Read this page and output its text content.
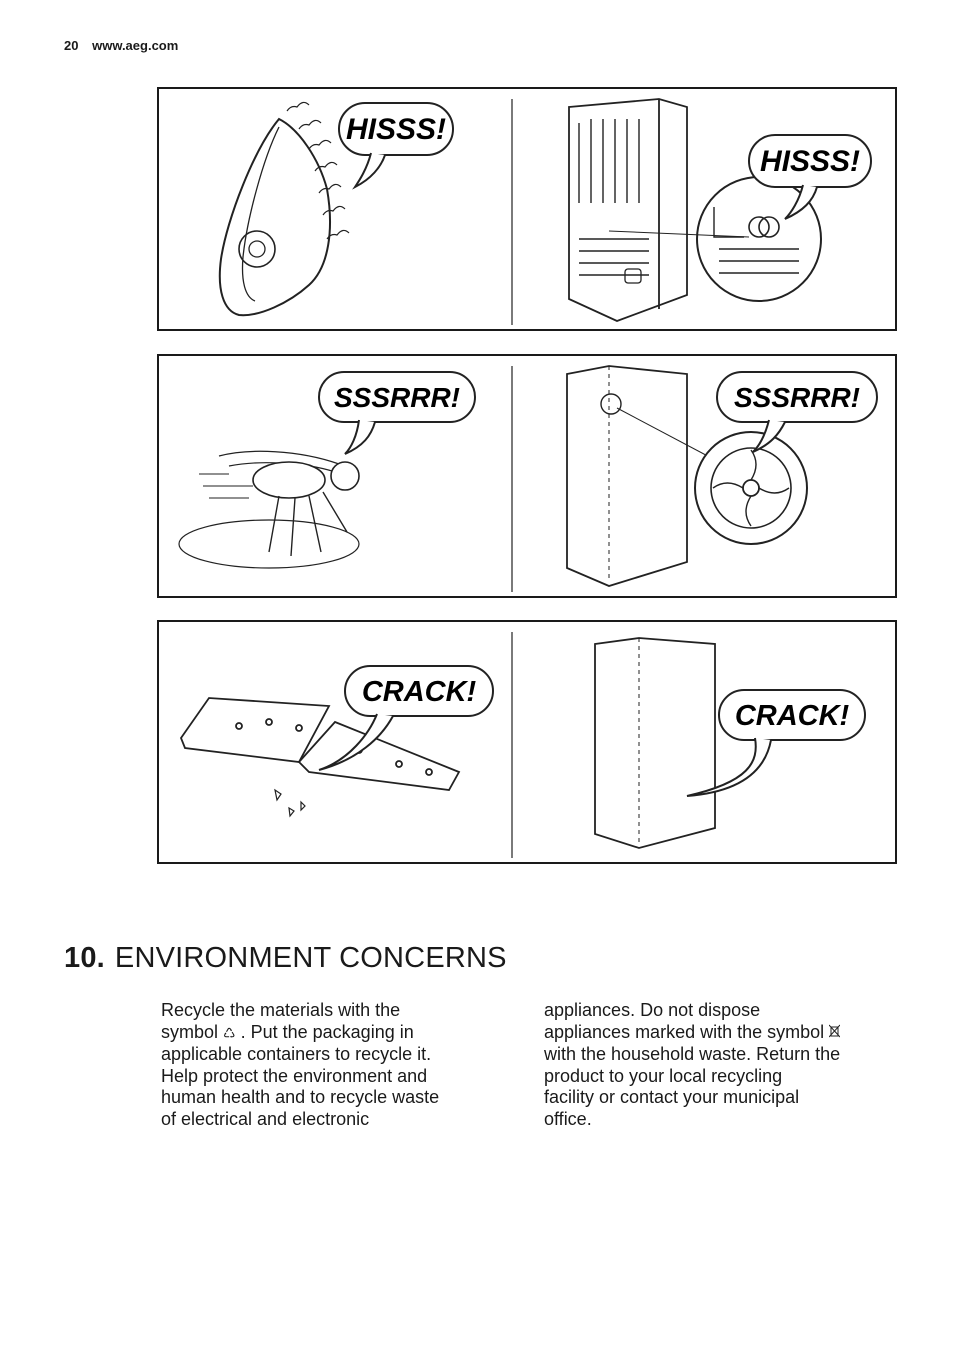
20 www.aeg.com
HISSS!
HISSS!
SSSRRR!	SSSRRR!
CRACK!
CRACK!
10. ENVIRONMENT CONCERNS

Recycle the materials with the

symbol ♺ . Put the packaging in

applicable containers to recycle it.

Help protect the environment and

human health and to recycle waste

of electrical and electronic

appliances. Do not dispose

appliances marked with the symbol

with the household waste. Return the

product to your local recycling

facility or contact your municipal

office.
